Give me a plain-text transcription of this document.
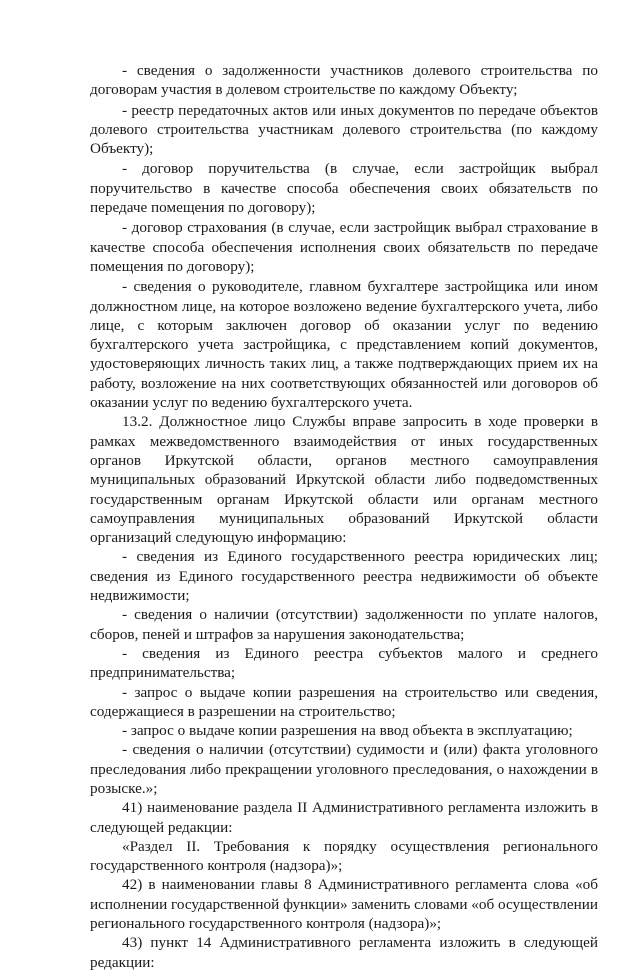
- сведения о задолженности участников долевого строительства по договорам участия в долевом строительстве по каждому Объекту;

- реестр передаточных актов или иных документов по передаче объектов долевого строительства участникам долевого строительства (по каждому Объекту);

- договор поручительства (в случае, если застройщик выбрал поручительство в качестве способа обеспечения своих обязательств по передаче помещения по договору);

- договор страхования (в случае, если застройщик выбрал страхование в качестве способа обеспечения исполнения своих обязательств по передаче помещения по договору);

- сведения о руководителе, главном бухгалтере застройщика или ином должностном лице, на которое возложено ведение бухгалтерского учета, либо лице, с которым заключен договор об оказании услуг по ведению бухгалтерского учета застройщика, с представлением копий документов, удостоверяющих личность таких лиц, а также подтверждающих прием их на работу, возложение на них соответствующих обязанностей или договоров об оказании услуг по ведению бухгалтерского учета.

13.2. Должностное лицо Службы вправе запросить в ходе проверки в рамках межведомственного взаимодействия от иных государственных органов Иркутской области, органов местного самоуправления муниципальных образований Иркутской области либо подведомственных государственным органам Иркутской области или органам местного самоуправления муниципальных образований Иркутской области организаций следующую информацию:

- сведения из Единого государственного реестра юридических лиц; сведения из Единого государственного реестра недвижимости об объекте недвижимости;

- сведения о наличии (отсутствии) задолженности по уплате налогов, сборов, пеней и штрафов за нарушения законодательства;

- сведения из Единого реестра субъектов малого и среднего предпринимательства;

- запрос о выдаче копии разрешения на строительство или сведения, содержащиеся в разрешении на строительство;

- запрос о выдаче копии разрешения на ввод объекта в эксплуатацию;

- сведения о наличии (отсутствии) судимости и (или) факта уголовного преследования либо прекращении уголовного преследования, о нахождении в розыске.»;

41) наименование раздела II Административного регламента изложить в следующей редакции:

«Раздел II. Требования к порядку осуществления регионального государственного контроля (надзора)»;

42) в наименовании главы 8 Административного регламента слова «об исполнении государственной функции» заменить словами «об осуществлении регионального государственного контроля (надзора)»;

43) пункт 14 Административного регламента изложить в следующей редакции:
